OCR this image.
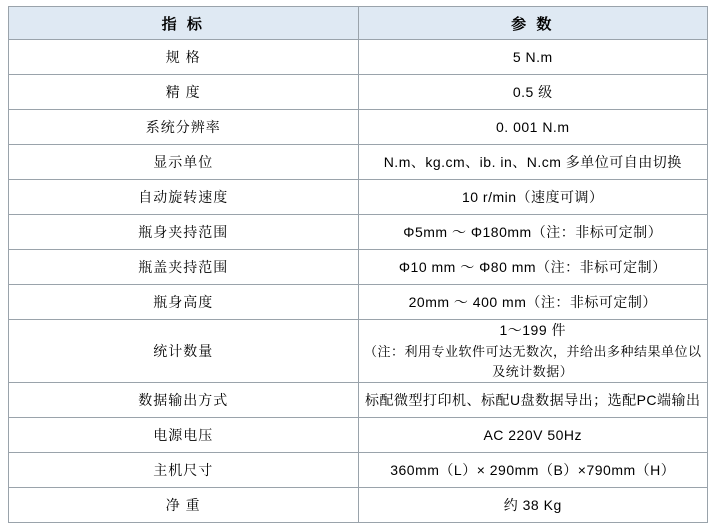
指 标	参 数
规 格	5 N.m
精 度	0.5 级
系统分辨率	0. 001 N.m
显示单位	N.m、kg.cm、ib. in、N.cm 多单位可自由切换
自动旋转速度	10 r/min（速度可调）
瓶身夹持范围	Φ5mm ～ Φ180mm（注：非标可定制）
瓶盖夹持范围	Φ10 mm ～ Φ80 mm（注：非标可定制）
瓶身高度	20mm ～ 400 mm（注：非标可定制）
统计数量	1～199 件
（注：利用专业软件可达无数次，并给出多种结果单位以及统计数据）

数据输出方式	标配微型打印机、标配U盘数据导出；选配PC端输出
电源电压	AC 220V 50Hz
主机尺寸	360mm（L）× 290mm（B）×790mm（H）
净 重	约 38 Kg
